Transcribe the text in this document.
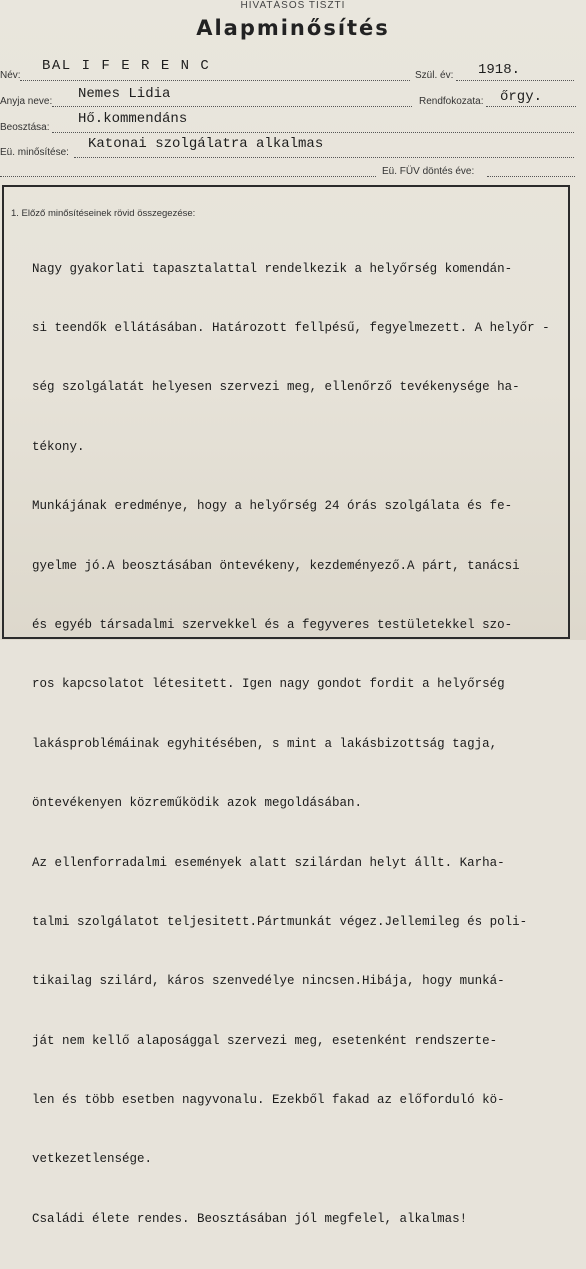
HIVATÁSOS TISZTI
Alapminősítés
Név:
BAL I F E R E N C
Szül. év: 1918.
Anyja neve: Nemes Lidia	Rendfokozata: őrgy.
Beosztása:
Hő.kommendáns
Eü. minősítése:
Katonai szolgálatra alkalmas
Eü. FÜV döntés éve:
1. Előző minősítéseinek rövid összegezése:

Nagy gyakorlati tapasztalattal rendelkezik a helyőrség komendán-

si teendők ellátásában. Határozott fellpésű, fegyelmezett. A helyőr -

ség szolgálatát helyesen szervezi meg, ellenőrző tevékenysége ha-

tékony.

Munkájának eredménye, hogy a helyőrség 24 órás szolgálata és fe-

gyelme jó.A beosztásában öntevékeny, kezdeményező.A párt, tanácsi

és egyéb társadalmi szervekkel és a fegyveres testületekkel szo-

ros kapcsolatot létesitett. Igen nagy gondot fordit a helyőrség

lakásproblémáinak egyhitésében, s mint a lakásbizottság tagja,

öntevékenyen közreműködik azok megoldásában.

Az ellenforradalmi események alatt szilárdan helyt állt. Karha-

talmi szolgálatot teljesitett.Pártmunkát végez.Jellemileg és poli-

tikailag szilárd, káros szenvedélye nincsen.Hibája, hogy munká-

ját nem kellő alaposággal szervezi meg, esetenként rendszerte-

len és több esetben nagyvonalu. Ezekből fakad az előforduló kö-

vetkezetlensége.

Családi élete rendes. Beosztásában jól megfelel, alkalmas!
